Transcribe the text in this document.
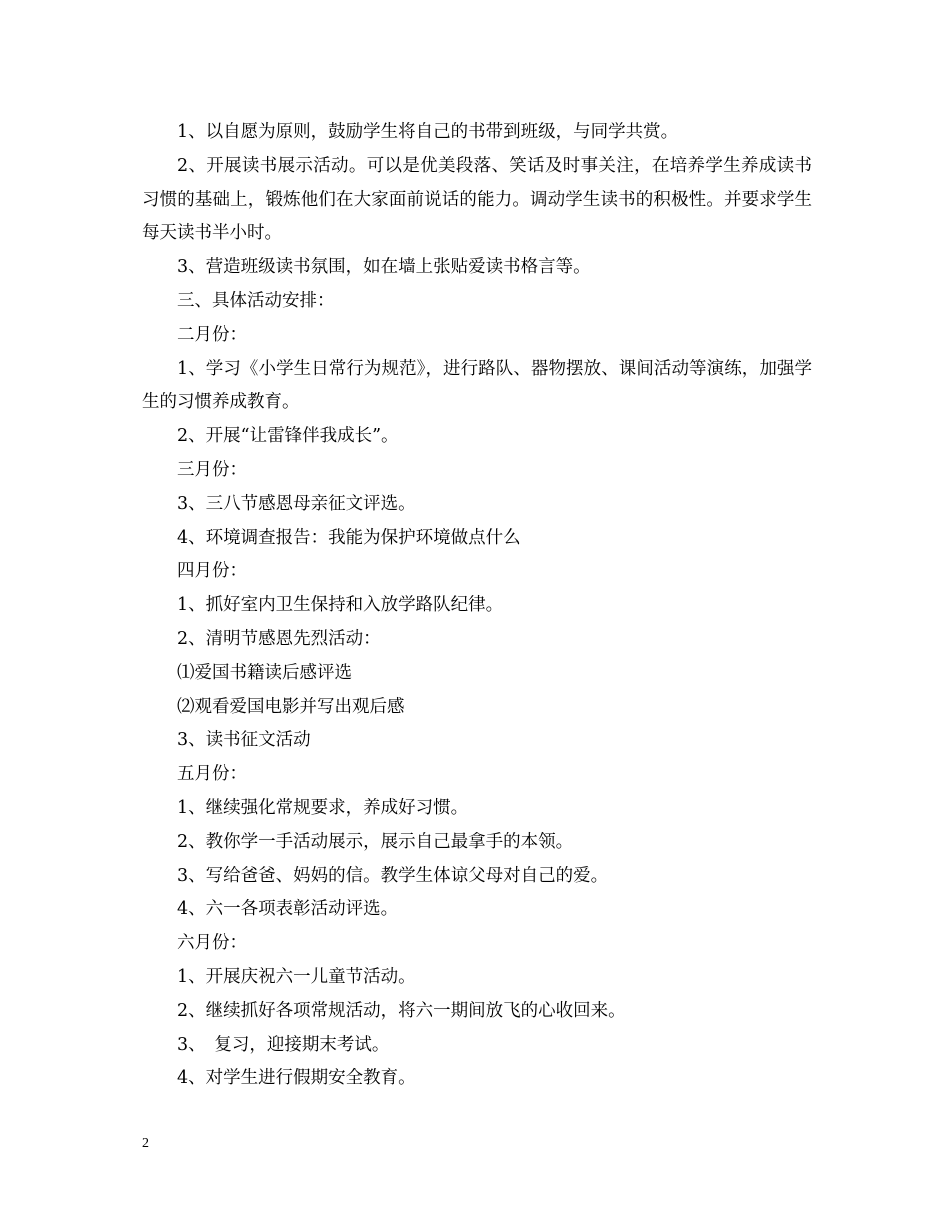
1、以自愿为原则，鼓励学生将自己的书带到班级，与同学共赏。

2、开展读书展示活动。可以是优美段落、笑话及时事关注，在培养学生养成读书习惯的基础上，锻炼他们在大家面前说话的能力。调动学生读书的积极性。并要求学生每天读书半小时。

3、营造班级读书氛围，如在墙上张贴爱读书格言等。

三、具体活动安排：

二月份：

1、学习《小学生日常行为规范》，进行路队、器物摆放、课间活动等演练，加强学生的习惯养成教育。

2、开展“让雷锋伴我成长”。

三月份：

3、三八节感恩母亲征文评选。

4、环境调查报告：我能为保护环境做点什么

四月份：

1、抓好室内卫生保持和入放学路队纪律。

2、清明节感恩先烈活动：

⑴爱国书籍读后感评选

⑵观看爱国电影并写出观后感

3、读书征文活动

五月份：

1、继续强化常规要求，养成好习惯。

2、教你学一手活动展示，展示自己最拿手的本领。

3、写给爸爸、妈妈的信。教学生体谅父母对自己的爱。

4、六一各项表彰活动评选。

六月份：

1、开展庆祝六一儿童节活动。

2、继续抓好各项常规活动，将六一期间放飞的心收回来。

3、　复习，迎接期末考试。

4、对学生进行假期安全教育。

2
